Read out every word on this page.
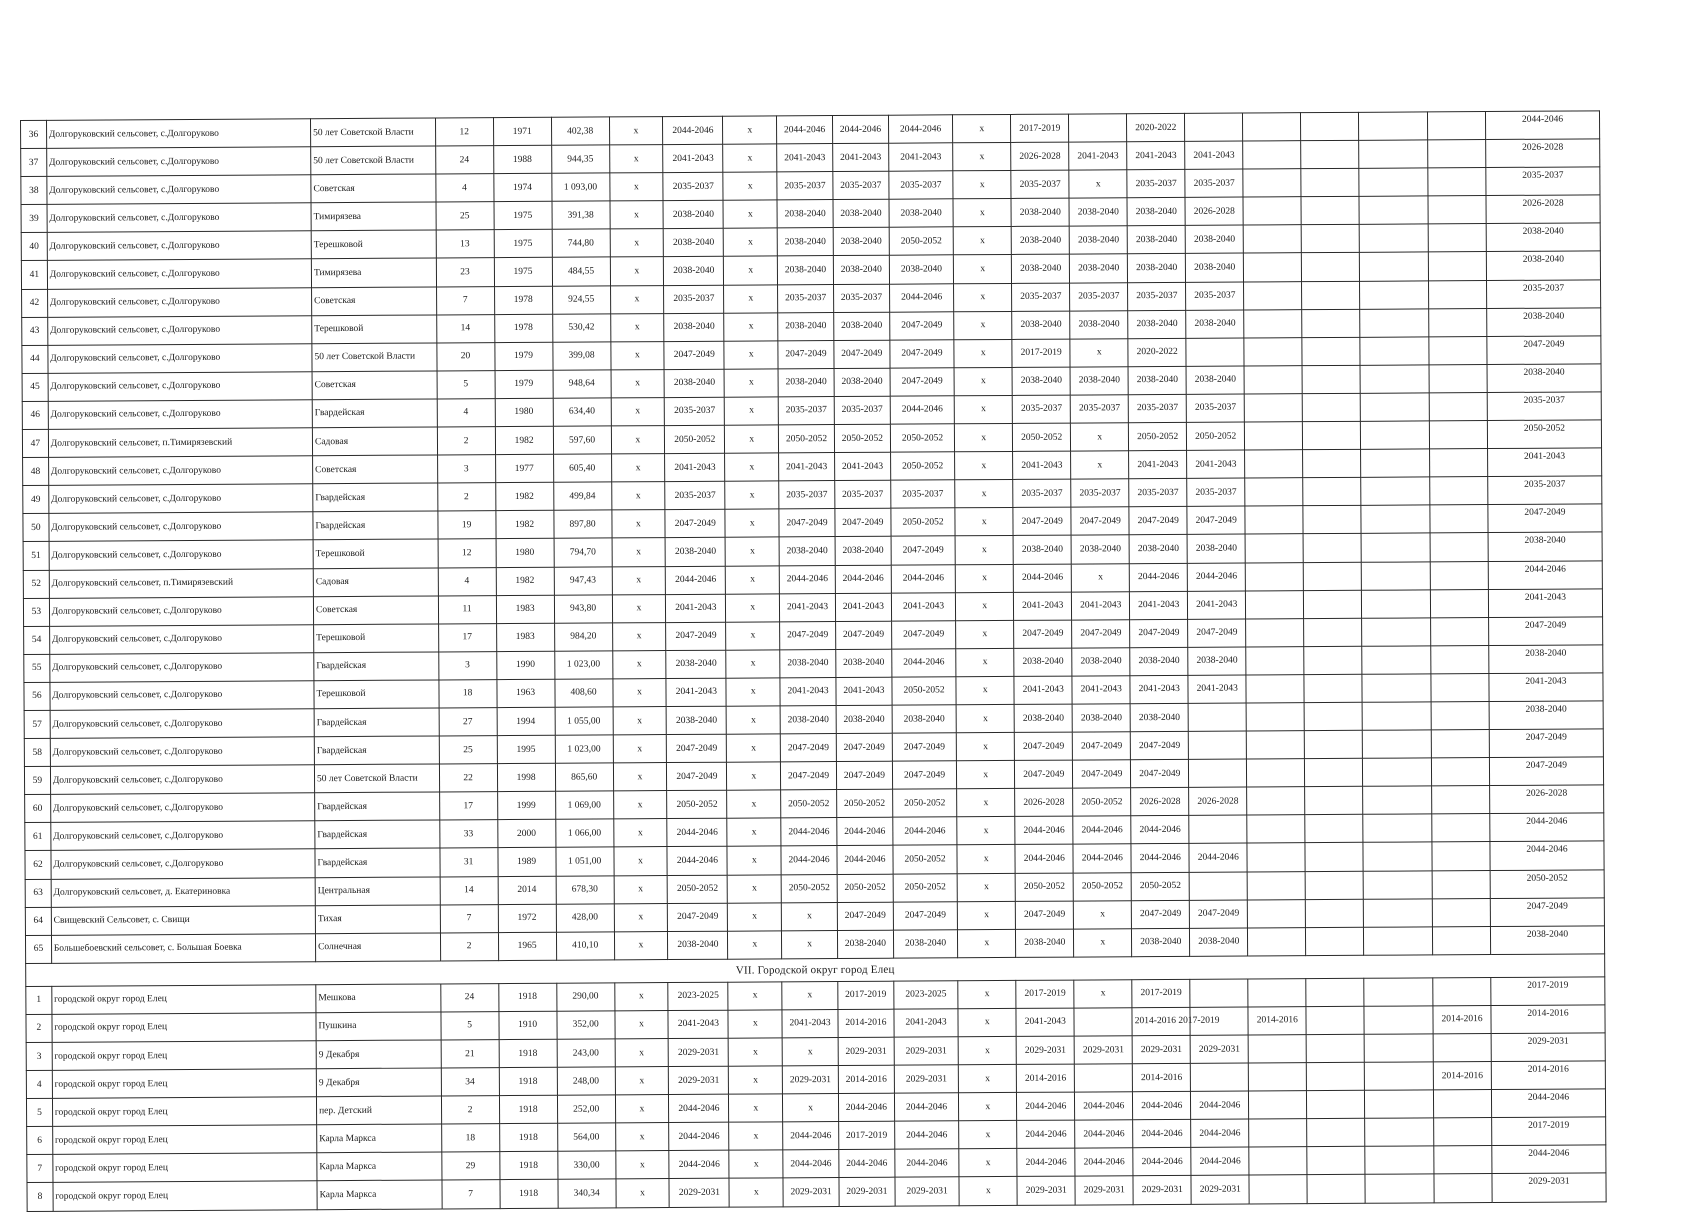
36	Долгоруковский сельсовет, с.Долгоруково	50 лет Советской Власти	12	1971	402,38	x	2044-2046	x	2044-2046	2044-2046	2044-2046	x	2017-2019		2020-2022						2044-2046
37	Долгоруковский сельсовет, с.Долгоруково	50 лет Советской Власти	24	1988	944,35	x	2041-2043	x	2041-2043	2041-2043	2041-2043	x	2026-2028	2041-2043	2041-2043	2041-2043					2026-2028
38	Долгоруковский сельсовет, с.Долгоруково	Советская	4	1974	1 093,00	x	2035-2037	x	2035-2037	2035-2037	2035-2037	x	2035-2037	x	2035-2037	2035-2037					2035-2037
39	Долгоруковский сельсовет, с.Долгоруково	Тимирязева	25	1975	391,38	x	2038-2040	x	2038-2040	2038-2040	2038-2040	x	2038-2040	2038-2040	2038-2040	2026-2028					2026-2028
40	Долгоруковский сельсовет, с.Долгоруково	Терешковой	13	1975	744,80	x	2038-2040	x	2038-2040	2038-2040	2050-2052	x	2038-2040	2038-2040	2038-2040	2038-2040					2038-2040
41	Долгоруковский сельсовет, с.Долгоруково	Тимирязева	23	1975	484,55	x	2038-2040	x	2038-2040	2038-2040	2038-2040	x	2038-2040	2038-2040	2038-2040	2038-2040					2038-2040
42	Долгоруковский сельсовет, с.Долгоруково	Советская	7	1978	924,55	x	2035-2037	x	2035-2037	2035-2037	2044-2046	x	2035-2037	2035-2037	2035-2037	2035-2037					2035-2037
43	Долгоруковский сельсовет, с.Долгоруково	Терешковой	14	1978	530,42	x	2038-2040	x	2038-2040	2038-2040	2047-2049	x	2038-2040	2038-2040	2038-2040	2038-2040					2038-2040
44	Долгоруковский сельсовет, с.Долгоруково	50 лет Советской Власти	20	1979	399,08	x	2047-2049	x	2047-2049	2047-2049	2047-2049	x	2017-2019	x	2020-2022						2047-2049
45	Долгоруковский сельсовет, с.Долгоруково	Советская	5	1979	948,64	x	2038-2040	x	2038-2040	2038-2040	2047-2049	x	2038-2040	2038-2040	2038-2040	2038-2040					2038-2040
46	Долгоруковский сельсовет, с.Долгоруково	Гвардейская	4	1980	634,40	x	2035-2037	x	2035-2037	2035-2037	2044-2046	x	2035-2037	2035-2037	2035-2037	2035-2037					2035-2037
47	Долгоруковский сельсовет, п.Тимирязевский	Садовая	2	1982	597,60	x	2050-2052	x	2050-2052	2050-2052	2050-2052	x	2050-2052	x	2050-2052	2050-2052					2050-2052
48	Долгоруковский сельсовет, с.Долгоруково	Советская	3	1977	605,40	x	2041-2043	x	2041-2043	2041-2043	2050-2052	x	2041-2043	x	2041-2043	2041-2043					2041-2043
49	Долгоруковский сельсовет, с.Долгоруково	Гвардейская	2	1982	499,84	x	2035-2037	x	2035-2037	2035-2037	2035-2037	x	2035-2037	2035-2037	2035-2037	2035-2037					2035-2037
50	Долгоруковский сельсовет, с.Долгоруково	Гвардейская	19	1982	897,80	x	2047-2049	x	2047-2049	2047-2049	2050-2052	x	2047-2049	2047-2049	2047-2049	2047-2049					2047-2049
51	Долгоруковский сельсовет, с.Долгоруково	Терешковой	12	1980	794,70	x	2038-2040	x	2038-2040	2038-2040	2047-2049	x	2038-2040	2038-2040	2038-2040	2038-2040					2038-2040
52	Долгоруковский сельсовет, п.Тимирязевский	Садовая	4	1982	947,43	x	2044-2046	x	2044-2046	2044-2046	2044-2046	x	2044-2046	x	2044-2046	2044-2046					2044-2046
53	Долгоруковский сельсовет, с.Долгоруково	Советская	11	1983	943,80	x	2041-2043	x	2041-2043	2041-2043	2041-2043	x	2041-2043	2041-2043	2041-2043	2041-2043					2041-2043
54	Долгоруковский сельсовет, с.Долгоруково	Терешковой	17	1983	984,20	x	2047-2049	x	2047-2049	2047-2049	2047-2049	x	2047-2049	2047-2049	2047-2049	2047-2049					2047-2049
55	Долгоруковский сельсовет, с.Долгоруково	Гвардейская	3	1990	1 023,00	x	2038-2040	x	2038-2040	2038-2040	2044-2046	x	2038-2040	2038-2040	2038-2040	2038-2040					2038-2040
56	Долгоруковский сельсовет, с.Долгоруково	Терешковой	18	1963	408,60	x	2041-2043	x	2041-2043	2041-2043	2050-2052	x	2041-2043	2041-2043	2041-2043	2041-2043					2041-2043
57	Долгоруковский сельсовет, с.Долгоруково	Гвардейская	27	1994	1 055,00	x	2038-2040	x	2038-2040	2038-2040	2038-2040	x	2038-2040	2038-2040	2038-2040						2038-2040
58	Долгоруковский сельсовет, с.Долгоруково	Гвардейская	25	1995	1 023,00	x	2047-2049	x	2047-2049	2047-2049	2047-2049	x	2047-2049	2047-2049	2047-2049						2047-2049
59	Долгоруковский сельсовет, с.Долгоруково	50 лет Советской Власти	22	1998	865,60	x	2047-2049	x	2047-2049	2047-2049	2047-2049	x	2047-2049	2047-2049	2047-2049						2047-2049
60	Долгоруковский сельсовет, с.Долгоруково	Гвардейская	17	1999	1 069,00	x	2050-2052	x	2050-2052	2050-2052	2050-2052	x	2026-2028	2050-2052	2026-2028	2026-2028					2026-2028
61	Долгоруковский сельсовет, с.Долгоруково	Гвардейская	33	2000	1 066,00	x	2044-2046	x	2044-2046	2044-2046	2044-2046	x	2044-2046	2044-2046	2044-2046						2044-2046
62	Долгоруковский сельсовет, с.Долгоруково	Гвардейская	31	1989	1 051,00	x	2044-2046	x	2044-2046	2044-2046	2050-2052	x	2044-2046	2044-2046	2044-2046	2044-2046					2044-2046
63	Долгоруковский сельсовет, д. Екатериновка	Центральная	14	2014	678,30	x	2050-2052	x	2050-2052	2050-2052	2050-2052	x	2050-2052	2050-2052	2050-2052						2050-2052
64	Свищевский Сельсовет, с. Свищи	Тихая	7	1972	428,00	x	2047-2049	x	x	2047-2049	2047-2049	x	2047-2049	x	2047-2049	2047-2049					2047-2049
65	Большебоевский сельсовет, с. Большая Боевка	Солнечная	2	1965	410,10	x	2038-2040	x	x	2038-2040	2038-2040	x	2038-2040	x	2038-2040	2038-2040					2038-2040
VII. Городской округ город Елец																					
1	городской округ город Елец	Мешкова	24	1918	290,00	x	2023-2025	x	x	2017-2019	2023-2025	x	2017-2019	x	2017-2019						2017-2019
2	городской округ город Елец	Пушкина	5	1910	352,00	x	2041-2043	x	2041-2043	2014-2016	2041-2043	x	2041-2043		2014-2016 2017-2019		2014-2016			2014-2016	2014-2016
3	городской округ город Елец	9 Декабря	21	1918	243,00	x	2029-2031	x	x	2029-2031	2029-2031	x	2029-2031	2029-2031	2029-2031	2029-2031					2029-2031
4	городской округ город Елец	9 Декабря	34	1918	248,00	x	2029-2031	x	2029-2031	2014-2016	2029-2031	x	2014-2016		2014-2016					2014-2016	2014-2016
5	городской округ город Елец	пер. Детский	2	1918	252,00	x	2044-2046	x	x	2044-2046	2044-2046	x	2044-2046	2044-2046	2044-2046	2044-2046					2044-2046
6	городской округ город Елец	Карла Маркса	18	1918	564,00	x	2044-2046	x	2044-2046	2017-2019	2044-2046	x	2044-2046	2044-2046	2044-2046	2044-2046					2017-2019
7	городской округ город Елец	Карла Маркса	29	1918	330,00	x	2044-2046	x	2044-2046	2044-2046	2044-2046	x	2044-2046	2044-2046	2044-2046	2044-2046					2044-2046
8	городской округ город Елец	Карла Маркса	7	1918	340,34	x	2029-2031	x	2029-2031	2029-2031	2029-2031	x	2029-2031	2029-2031	2029-2031	2029-2031					2029-2031
